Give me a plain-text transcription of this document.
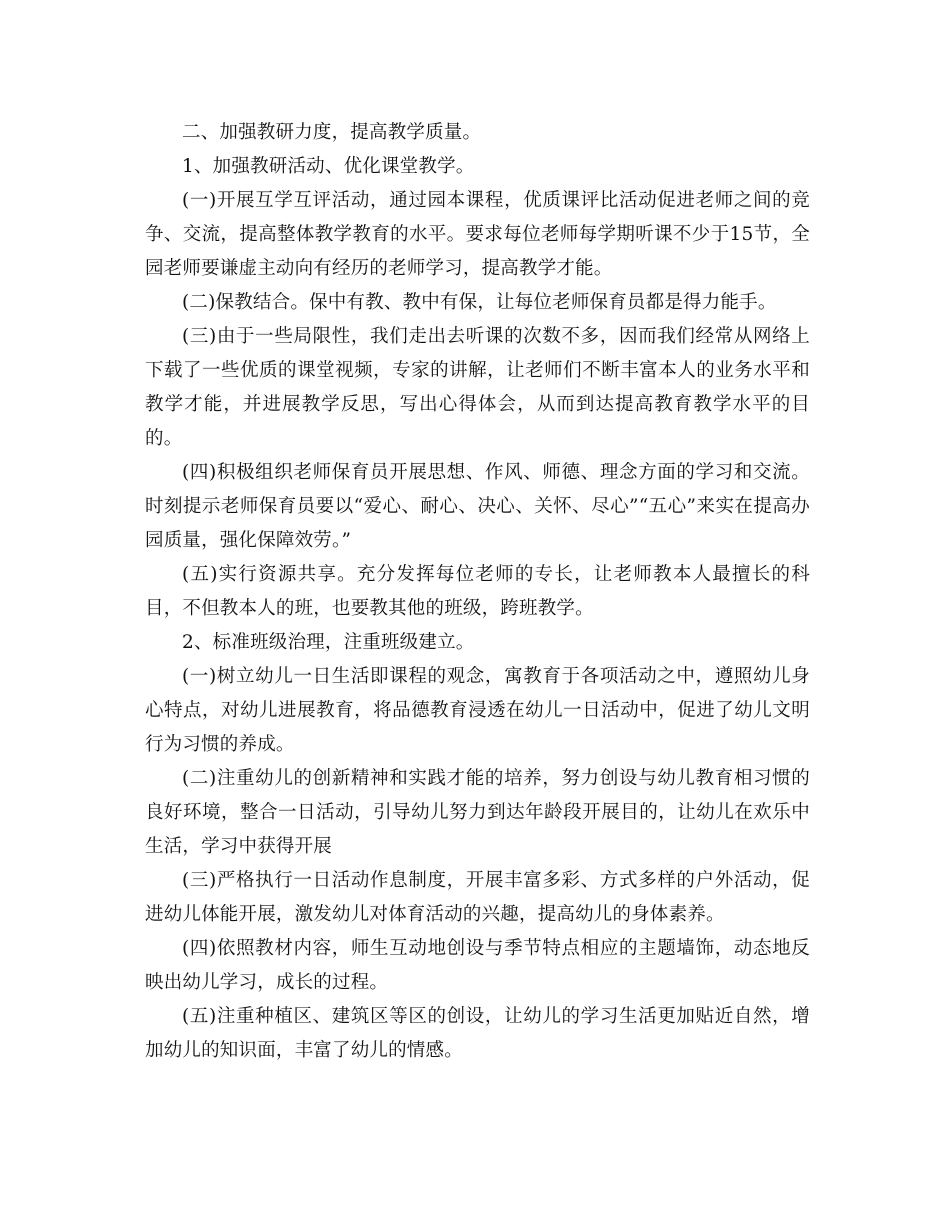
二、加强教研力度，提高教学质量。

1、加强教研活动、优化课堂教学。

(一)开展互学互评活动，通过园本课程，优质课评比活动促进老师之间的竞争、交流，提高整体教学教育的水平。要求每位老师每学期听课不少于15节，全园老师要谦虚主动向有经历的老师学习，提高教学才能。

(二)保教结合。保中有教、教中有保，让每位老师保育员都是得力能手。

(三)由于一些局限性，我们走出去听课的次数不多，因而我们经常从网络上下载了一些优质的课堂视频，专家的讲解，让老师们不断丰富本人的业务水平和教学才能，并进展教学反思，写出心得体会，从而到达提高教育教学水平的目的。

(四)积极组织老师保育员开展思想、作风、师德、理念方面的学习和交流。时刻提示老师保育员要以“爱心、耐心、决心、关怀、尽心”“五心”来实在提高办园质量，强化保障效劳。”

(五)实行资源共享。充分发挥每位老师的专长，让老师教本人最擅长的科目，不但教本人的班，也要教其他的班级，跨班教学。

2、标准班级治理，注重班级建立。

(一)树立幼儿一日生活即课程的观念，寓教育于各项活动之中，遵照幼儿身心特点，对幼儿进展教育，将品德教育浸透在幼儿一日活动中，促进了幼儿文明行为习惯的养成。

(二)注重幼儿的创新精神和实践才能的培养，努力创设与幼儿教育相习惯的良好环境，整合一日活动，引导幼儿努力到达年龄段开展目的，让幼儿在欢乐中生活，学习中获得开展

(三)严格执行一日活动作息制度，开展丰富多彩、方式多样的户外活动，促进幼儿体能开展，激发幼儿对体育活动的兴趣，提高幼儿的身体素养。

(四)依照教材内容，师生互动地创设与季节特点相应的主题墙饰，动态地反映出幼儿学习，成长的过程。

(五)注重种植区、建筑区等区的创设，让幼儿的学习生活更加贴近自然，增加幼儿的知识面，丰富了幼儿的情感。
